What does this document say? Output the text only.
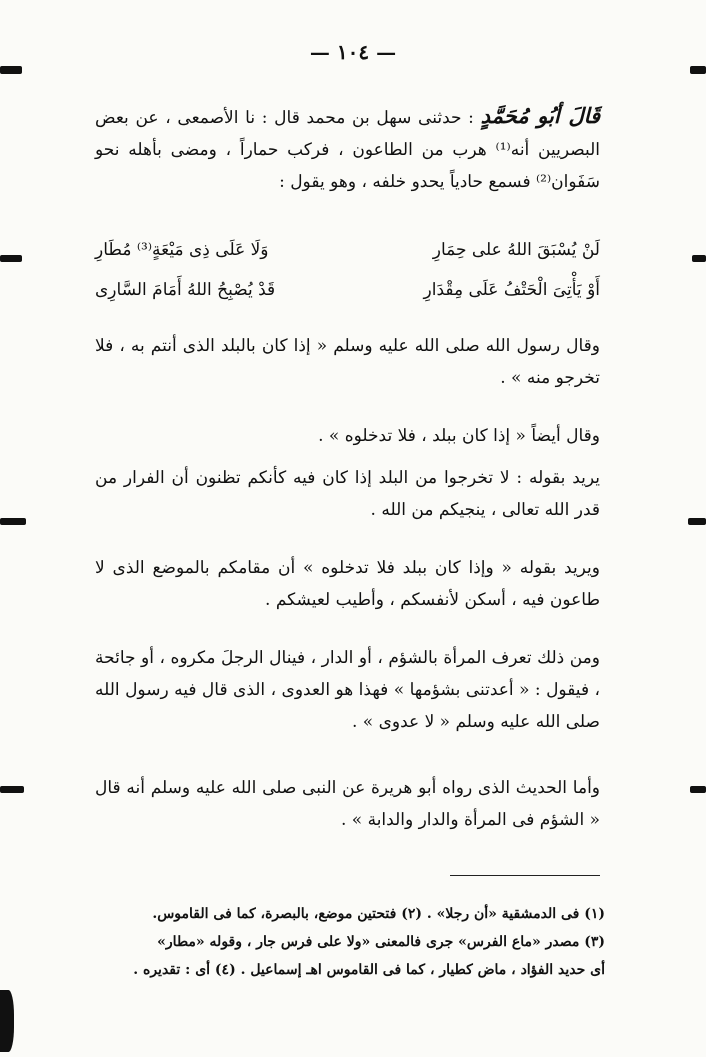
— ١٠٤ —

قَالَ أبُو مُحَمَّدٍ : حدثنى سهل بن محمد قال : نا الأصمعى ، عن بعض البصريين أنه⁽¹⁾ هرب من الطاعون ، فركب حماراً ، ومضى بأهله نحو سَفَوان⁽²⁾ فسمع حادياً يحدو خلفه ، وهو يقول :

لَنْ يُسْبَقَ اللهُ على حِمَارِ
وَلَا عَلَى ذِى مَيْعَةٍ⁽³⁾ مُطَارِ
أَوْ يَأْتِىَ الْحَتْفُ عَلَى مِقْدَارِ
قَدْ يُصْبِحُ اللهُ أَمَامَ السَّارِى

وقال رسول الله صلى الله عليه وسلم « إذا كان بالبلد الذى أنتم به ، فلا تخرجو منه » .

وقال أيضاً « إذا كان ببلد ، فلا تدخلوه » .

يريد بقوله : لا تخرجوا من البلد إذا كان فيه كأنكم تظنون أن الفرار من قدر الله تعالى ، ينجيكم من الله .

ويريد بقوله « وإذا كان ببلد فلا تدخلوه » أن مقامكم بالموضع الذى لا طاعون فيه ، أسكن لأنفسكم ، وأطيب لعيشكم .

ومن ذلك تعرف المرأة بالشؤم ، أو الدار ، فينال الرجلَ مكروه ، أو جائحة ، فيقول : « أعدتنى بشؤمها » فهذا هو العدوى ، الذى قال فيه رسول الله صلى الله عليه وسلم « لا عدوى » .

وأما الحديث الذى رواه أبو هريرة عن النبى صلى الله عليه وسلم أنه قال « الشؤم فى المرأة والدار والدابة » .

(١) فى الدمشقية «أن رجلا» . (٢) فتحتين موضع، بالبصرة، كما فى القاموس.

(٣) مصدر «ماع الفرس» جرى فالمعنى «ولا على فرس جار ، وقوله «مطار»

أى حديد الفؤاد ، ماض كطيار ، كما فى القاموس اهـ إسماعيل . (٤) أى : تقديره .
